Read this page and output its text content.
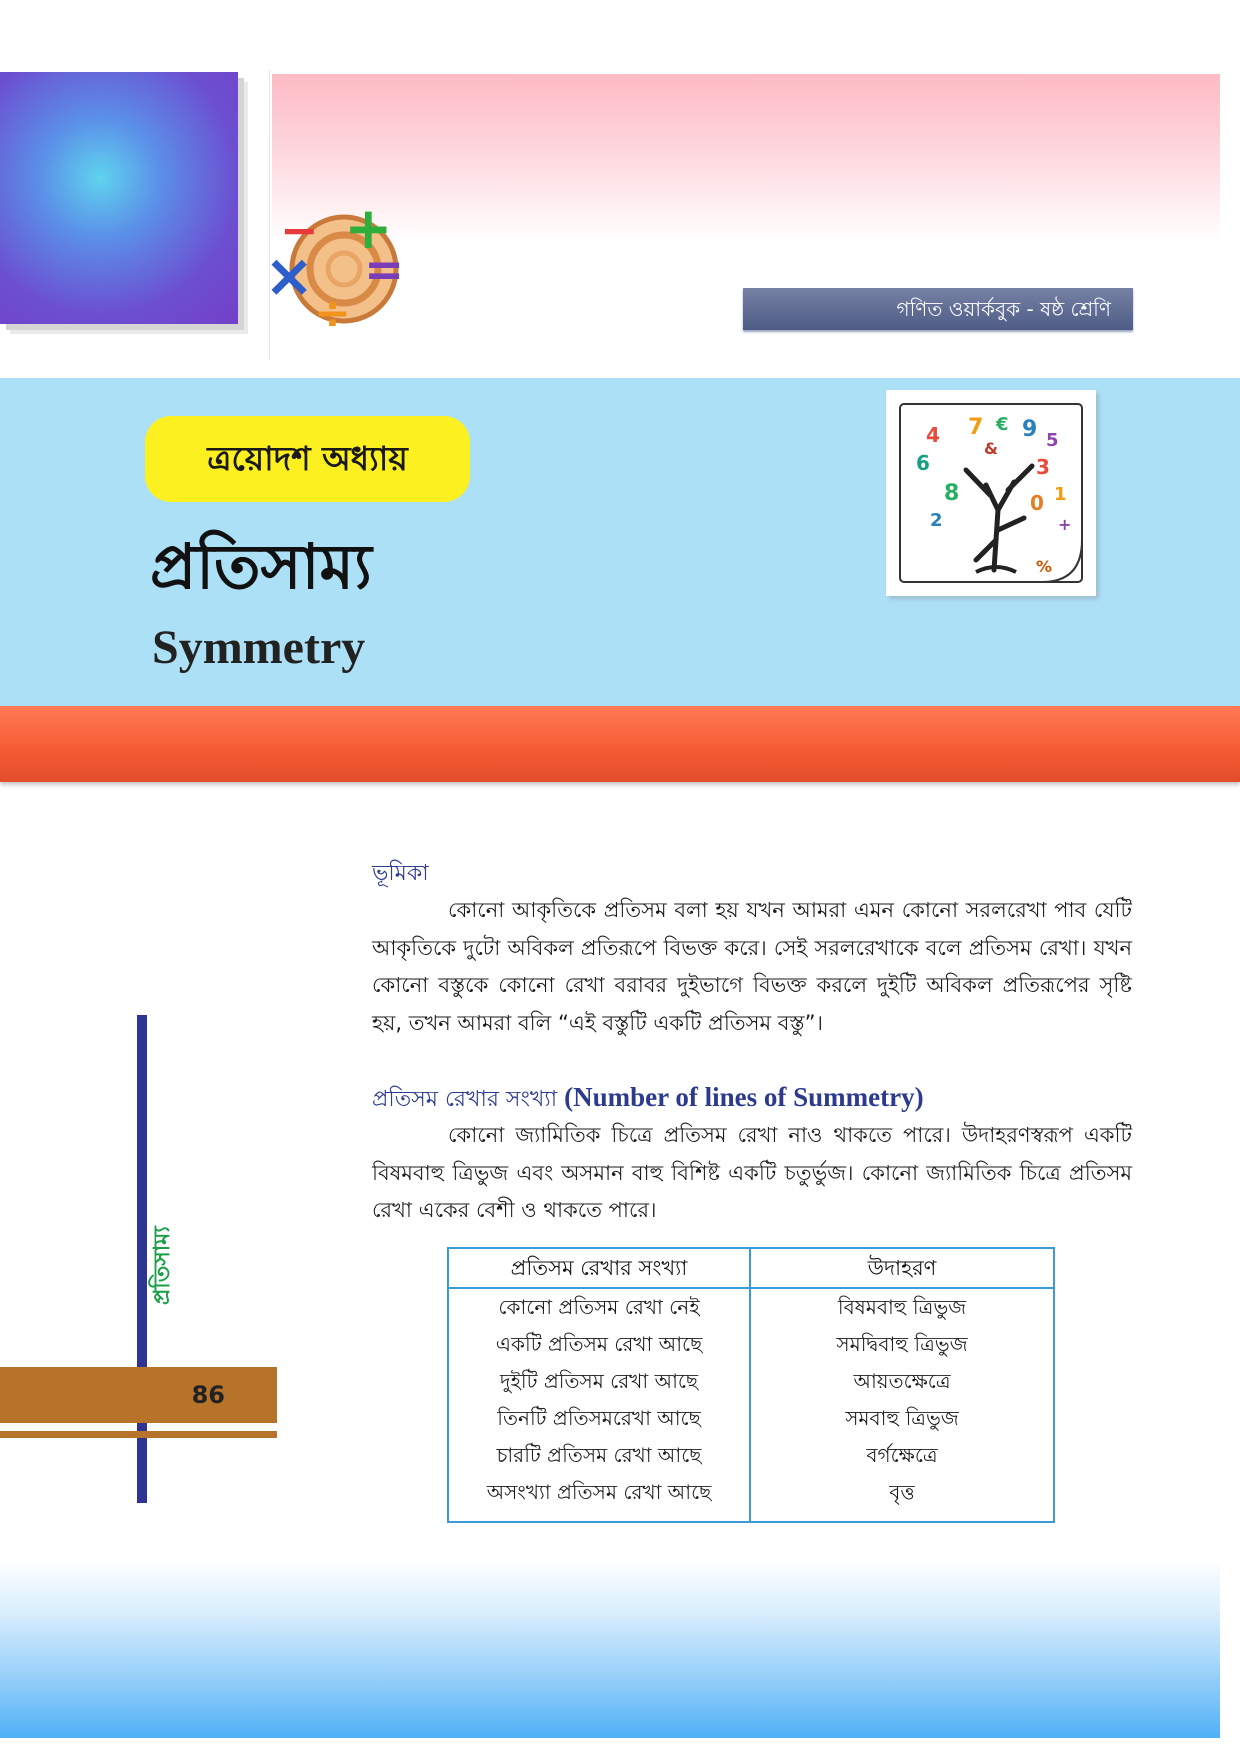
− +
×
÷
=
গণিত ওয়ার্কবুক - ষষ্ঠ শ্রেণি
ত্রয়োদশ অধ্যায়
প্রতিসাম্য
Symmetry
4 7 € 9 5
6	3
8	1
2
0
%
+
&
ভূমিকা
কোনো আকৃতিকে প্রতিসম বলা হয় যখন আমরা এমন কোনো সরলরেখা পাব যেটি আকৃতিকে দুটো অবিকল প্রতিরূপে বিভক্ত করে। সেই সরলরেখাকে বলে প্রতিসম রেখা। যখন কোনো বস্তুকে কোনো রেখা বরাবর দুইভাগে বিভক্ত করলে দুইটি অবিকল প্রতিরূপের সৃষ্টি হয়, তখন আমরা বলি “এই বস্তুটি একটি প্রতিসম বস্তু”।
প্রতিসম রেখার সংখ্যা (Number of lines of Summetry)
কোনো জ্যামিতিক চিত্রে প্রতিসম রেখা নাও থাকতে পারে। উদাহরণস্বরূপ একটি বিষমবাহু ত্রিভুজ এবং অসমান বাহু বিশিষ্ট একটি চতুর্ভুজ। কোনো জ্যামিতিক চিত্রে প্রতিসম রেখা একের বেশী ও থাকতে পারে।
প্রতিসম রেখার সংখ্যা	উদাহরণ
কোনো প্রতিসম রেখা নেই	বিষমবাহু ত্রিভুজ
একটি প্রতিসম রেখা আছে	সমদ্বিবাহু ত্রিভুজ
দুইটি প্রতিসম রেখা আছে	আয়তক্ষেত্রে
তিনটি প্রতিসমরেখা আছে	সমবাহু ত্রিভুজ
চারটি প্রতিসম রেখা আছে	বর্গক্ষেত্রে
অসংখ্যা প্রতিসম রেখা আছে	বৃত্ত
প্রতিসাম্য
86
